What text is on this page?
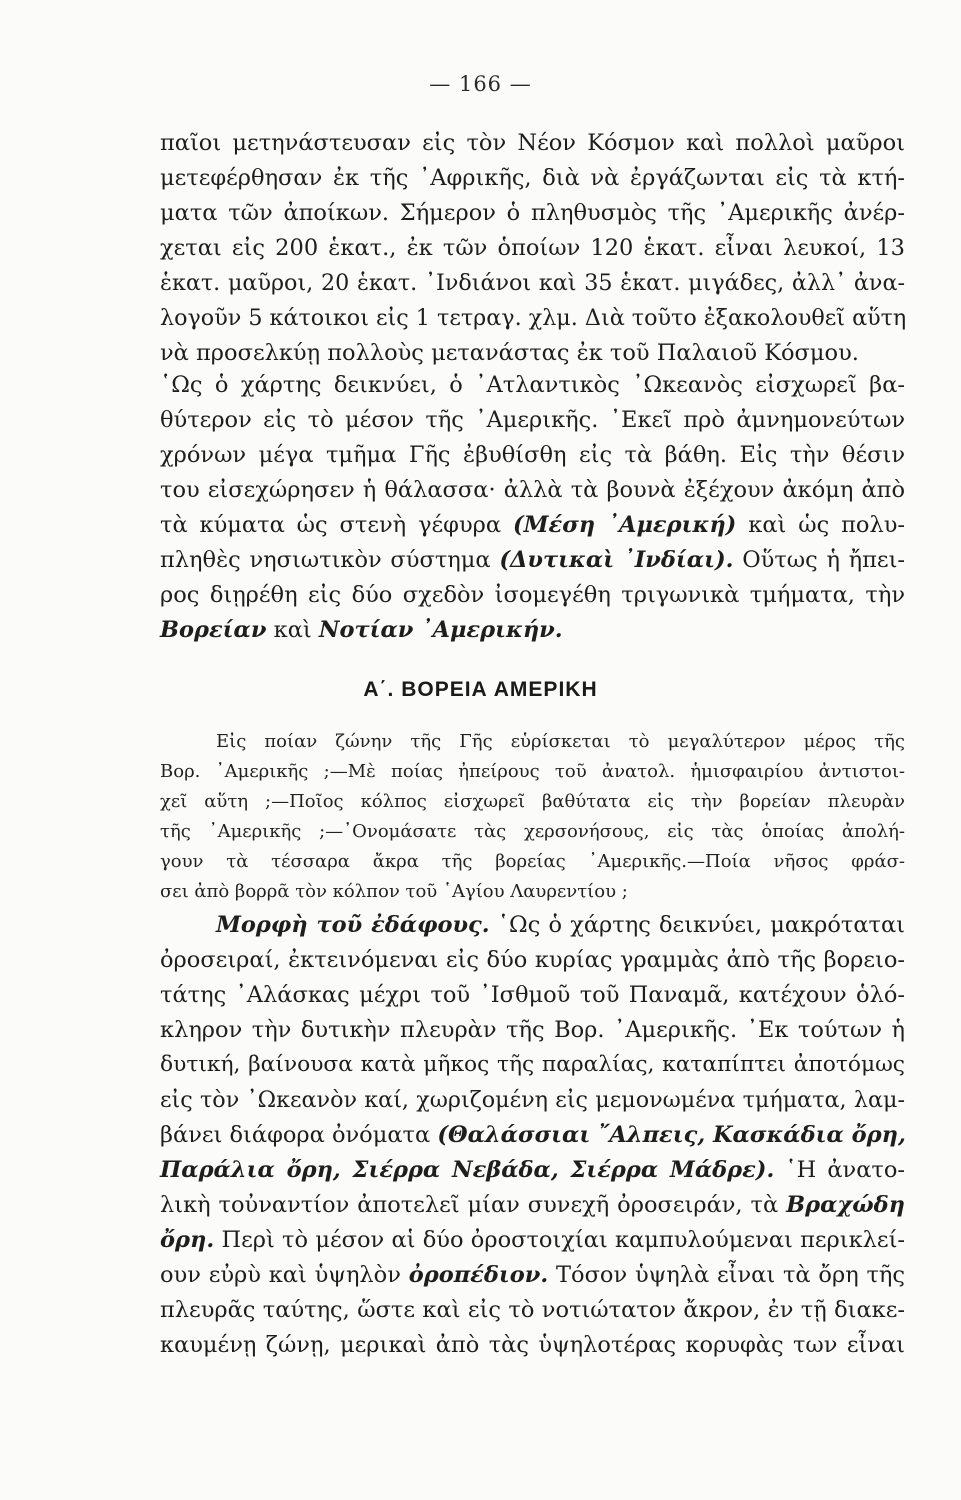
— 166 —
παῖοι μετηνάστευσαν εἰς τὸν Νέον Κόσμον καὶ πολλοὶ μαῦροι
μετεφέρθησαν ἐκ τῆς ᾿Αφρικῆς, διὰ νὰ ἐργάζωνται εἰς τὰ κτή-
ματα τῶν ἀποίκων. Σήμερον ὁ πληθυσμὸς τῆς ᾿Αμερικῆς ἀνέρ-
χεται εἰς 200 ἑκατ., ἐκ τῶν ὁποίων 120 ἑκατ. εἶναι λευκοί, 13
ἑκατ. μαῦροι, 20 ἑκατ. ᾿Ινδιάνοι καὶ 35 ἑκατ. μιγάδες, ἀλλ᾿ ἀνα-
λογοῦν 5 κάτοικοι εἰς 1 τετραγ. χλμ. Διὰ τοῦτο ἐξακολουθεῖ αὕτη
νὰ προσελκύῃ πολλοὺς μετανάστας ἐκ τοῦ Παλαιοῦ Κόσμου.
῾Ως ὁ χάρτης δεικνύει, ὁ ᾿Ατλαντικὸς ᾿Ωκεανὸς εἰσχωρεῖ βα-
θύτερον εἰς τὸ μέσον τῆς ᾿Αμερικῆς. ᾿Εκεῖ πρὸ ἀμνημονεύτων
χρόνων μέγα τμῆμα Γῆς ἐβυθίσθη εἰς τὰ βάθη. Εἰς τὴν θέσιν
του εἰσεχώρησεν ἡ θάλασσα· ἀλλὰ τὰ βουνὰ ἐξέχουν ἀκόμη ἀπὸ
τὰ κύματα ὡς στενὴ γέφυρα (Μέση ᾿Αμερική) καὶ ὡς πολυ-
πληθὲς νησιωτικὸν σύστημα (Δυτικαὶ ᾿Ινδίαι). Οὕτως ἡ ἤπει-
ρος διῃρέθη εἰς δύο σχεδὸν ἰσομεγέθη τριγωνικὰ τμήματα, τὴν
Βορείαν καὶ Νοτίαν ᾿Αμερικήν.
Α΄. ΒΟΡΕΙΑ ΑΜΕΡΙΚΗ
Εἰς ποίαν ζώνην τῆς Γῆς εὑρίσκεται τὸ μεγαλύτερον μέρος τῆς
Βορ. ᾿Αμερικῆς ;—Μὲ ποίας ἠπείρους τοῦ ἀνατολ. ἡμισφαιρίου ἀντιστοι-
χεῖ αὕτη ;—Ποῖος κόλπος εἰσχωρεῖ βαθύτατα εἰς τὴν βορείαν πλευρὰν
τῆς ᾿Αμερικῆς ;—᾿Ονομάσατε τὰς χερσονήσους, εἰς τὰς ὁποίας ἀπολή-
γουν τὰ τέσσαρα ἄκρα τῆς βορείας ᾿Αμερικῆς.—Ποία νῆσος φράσ-
σει ἀπὸ βορρᾶ τὸν κόλπον τοῦ ῾Αγίου Λαυρεντίου ;
Μορφὴ τοῦ ἐδάφους. ῾Ως ὁ χάρτης δεικνύει, μακρόταται
ὀροσειραί, ἐκτεινόμεναι εἰς δύο κυρίας γραμμὰς ἀπὸ τῆς βορειο-
τάτης ᾿Αλάσκας μέχρι τοῦ ᾿Ισθμοῦ τοῦ Παναμᾶ, κατέχουν ὁλό-
κληρον τὴν δυτικὴν πλευρὰν τῆς Βορ. ᾿Αμερικῆς. ᾿Εκ τούτων ἡ
δυτική, βαίνουσα κατὰ μῆκος τῆς παραλίας, καταπίπτει ἀποτόμως
εἰς τὸν ᾿Ωκεανὸν καί, χωριζομένη εἰς μεμονωμένα τμήματα, λαμ-
βάνει διάφορα ὀνόματα (Θαλάσσιαι ῎Αλπεις, Κασκάδια ὄρη,
Παράλια ὄρη, Σιέρρα Νεβάδα, Σιέρρα Μάδρε). ῾Η ἀνατο-
λικὴ τοὐναντίον ἀποτελεῖ μίαν συνεχῆ ὀροσειράν, τὰ Βραχώδη
ὄρη. Περὶ τὸ μέσον αἱ δύο ὀροστοιχίαι καμπυλούμεναι περικλεί-
ουν εὐρὺ καὶ ὑψηλὸν ὀροπέδιον. Τόσον ὑψηλὰ εἶναι τὰ ὄρη τῆς
πλευρᾶς ταύτης, ὥστε καὶ εἰς τὸ νοτιώτατον ἄκρον, ἐν τῇ διακε-
καυμένῃ ζώνῃ, μερικαὶ ἀπὸ τὰς ὑψηλοτέρας κορυφὰς των εἶναι
